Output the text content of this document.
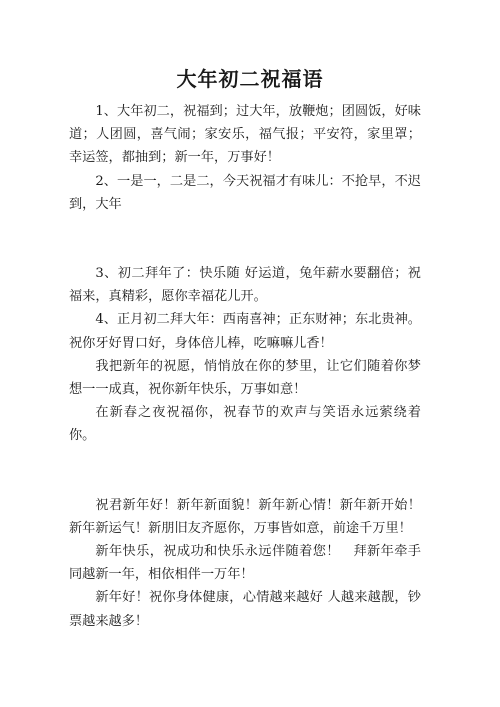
大年初二祝福语

1、大年初二，祝福到；过大年，放鞭炮；团圆饭，好味道；人团圆，喜气闹；家安乐，福气报；平安符，家里罩；幸运签，都抽到；新一年，万事好！

2、一是一，二是二，今天祝福才有味儿：不抢早，不迟到，大年

3、初二拜年了：快乐随 好运道，兔年薪水要翻倍；祝福来，真精彩，愿你幸福花儿开。

4、正月初二拜大年：西南喜神；正东财神；东北贵神。祝你牙好胃口好，身体倍儿棒，吃嘛嘛儿香！

我把新年的祝愿，悄悄放在你的梦里，让它们随着你梦想一一成真，祝你新年快乐，万事如意！

在新春之夜祝福你，祝春节的欢声与笑语永远萦绕着你。

祝君新年好！新年新面貌！新年新心情！新年新开始！新年新运气！新朋旧友齐愿你，万事皆如意，前途千万里！

新年快乐，祝成功和快乐永远伴随着您！　拜新年牵手同越新一年，相依相伴一万年！

新年好！祝你身体健康，心情越来越好 人越来越靓，钞票越来越多！
